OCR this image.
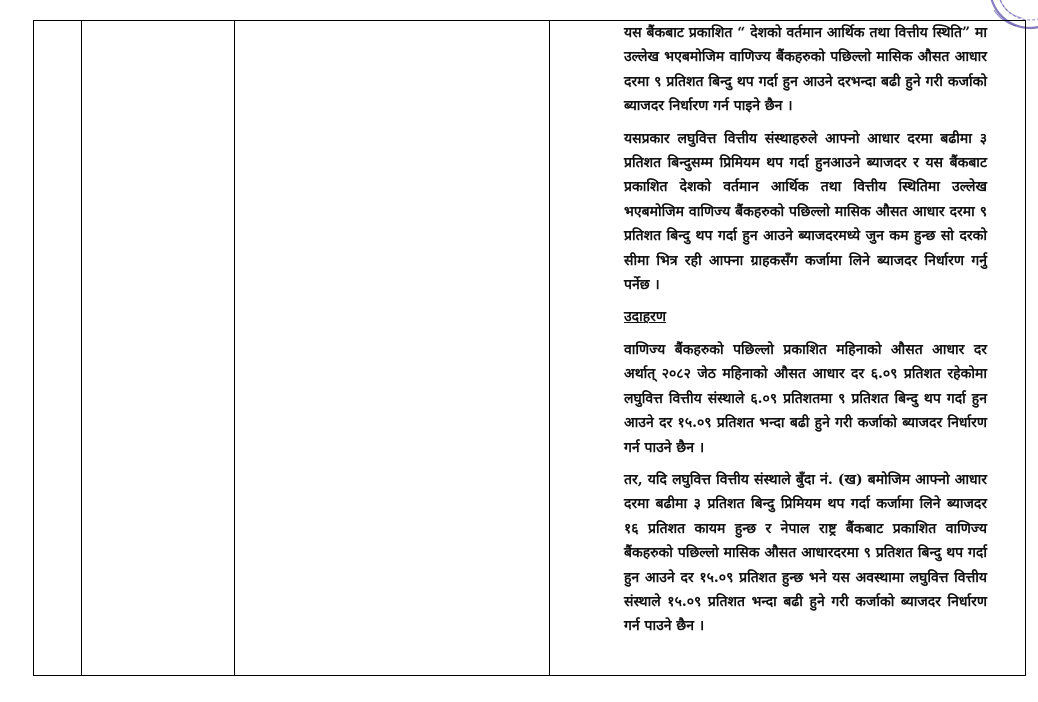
यस बैंकबाट प्रकाशित “ देशको वर्तमान आर्थिक तथा वित्तीय स्थिति” मा उल्लेख भएबमोजिम वाणिज्य बैंकहरुको पछिल्लो मासिक औसत आधार दरमा ९ प्रतिशत बिन्दु थप गर्दा हुन आउने दरभन्दा बढी हुने गरी कर्जाको ब्याजदर निर्धारण गर्न पाइने छैन ।

यसप्रकार लघुवित्त वित्तीय संस्थाहरुले आफ्नो आधार दरमा बढीमा ३ प्रतिशत बिन्दुसम्म प्रिमियम थप गर्दा हुनआउने ब्याजदर र यस बैंकबाट प्रकाशित देशको वर्तमान आर्थिक तथा वित्तीय स्थितिमा उल्लेख भएबमोजिम वाणिज्य बैंकहरुको पछिल्लो मासिक औसत आधार दरमा ९ प्रतिशत बिन्दु थप गर्दा हुन आउने ब्याजदरमध्ये जुन कम हुन्छ सो दरको सीमा भित्र रही आफ्ना ग्राहकसँग कर्जामा लिने ब्याजदर निर्धारण गर्नु पर्नेछ ।

उदाहरण

वाणिज्य बैंकहरुको पछिल्लो प्रकाशित महिनाको औसत आधार दर अर्थात् २०८२ जेठ महिनाको औसत आधार दर ६.०९ प्रतिशत रहेकोमा लघुवित्त वित्तीय संस्थाले ६.०९ प्रतिशतमा ९ प्रतिशत बिन्दु थप गर्दा हुन आउने दर १५.०९ प्रतिशत भन्दा बढी हुने गरी कर्जाको ब्याजदर निर्धारण गर्न पाउने छैन ।

तर, यदि लघुवित्त वित्तीय संस्थाले बुँदा नं. (ख) बमोजिम आफ्नो आधार दरमा बढीमा ३ प्रतिशत बिन्दु प्रिमियम थप गर्दा कर्जामा लिने ब्याजदर १६ प्रतिशत कायम हुन्छ र नेपाल राष्ट्र बैंकबाट प्रकाशित वाणिज्य बैंकहरुको पछिल्लो मासिक औसत आधारदरमा ९ प्रतिशत बिन्दु थप गर्दा हुन आउने दर १५.०९ प्रतिशत हुन्छ भने यस अवस्थामा लघुवित्त वित्तीय संस्थाले १५.०९ प्रतिशत भन्दा बढी हुने गरी कर्जाको ब्याजदर निर्धारण गर्न पाउने छैन ।
